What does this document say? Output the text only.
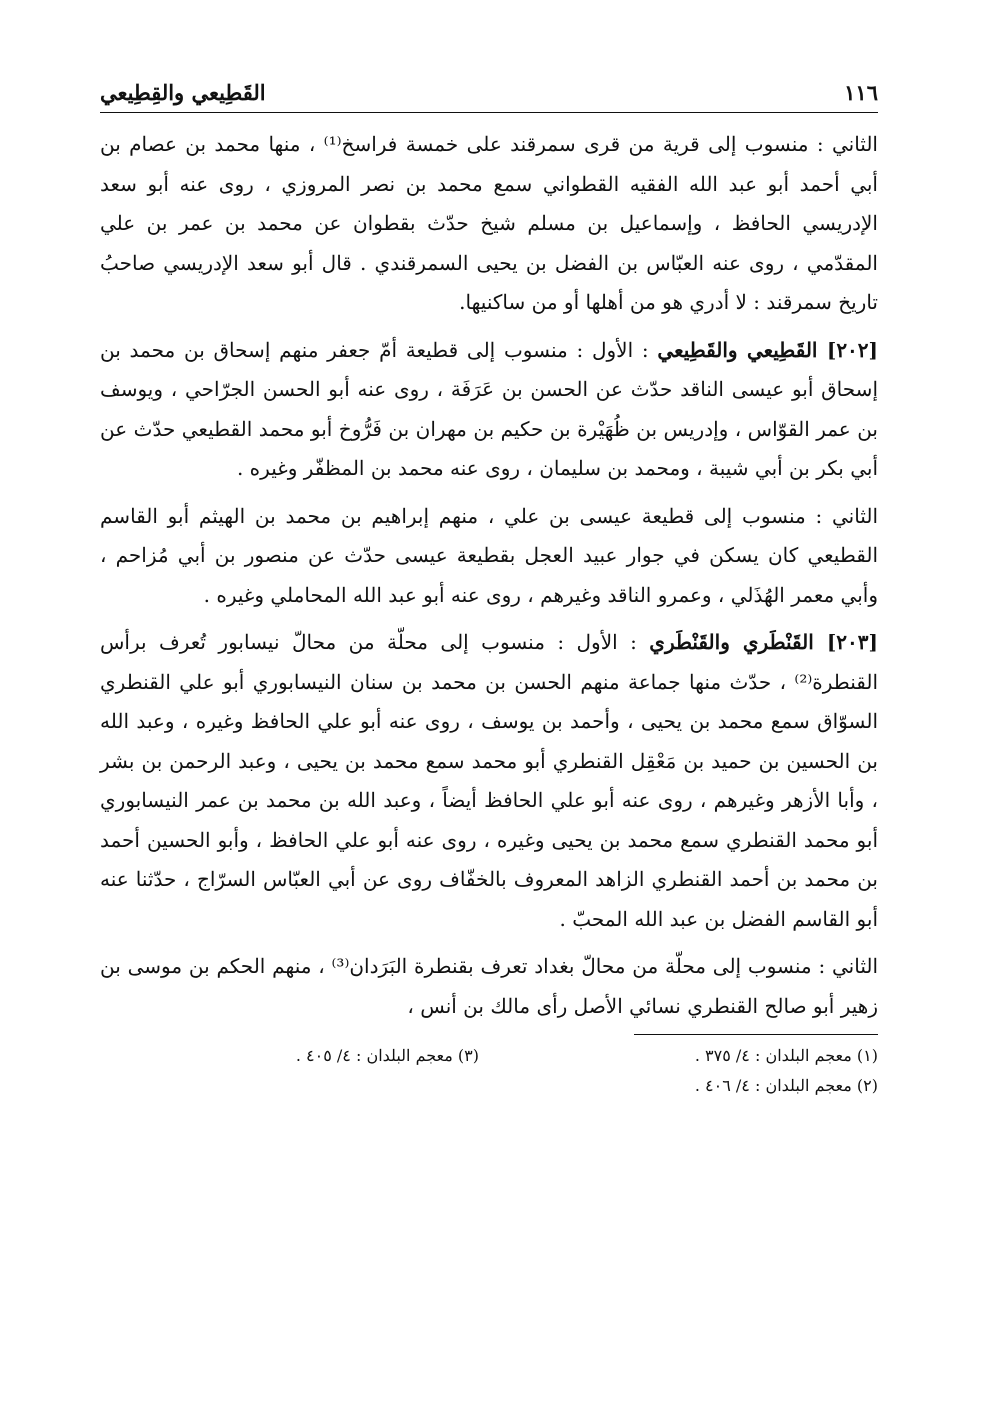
١١٦
القَطِيعي والقِطِيعي

الثاني : منسوب إلى قرية من قرى سمرقند على خمسة فراسخ⁽¹⁾ ، منها محمد بن عصام بن أبي أحمد أبو عبد الله الفقيه القطواني سمع محمد بن نصر المروزي ، روى عنه أبو سعد الإدريسي الحافظ ، وإسماعيل بن مسلم شيخ حدّث بقطوان عن محمد بن عمر بن علي المقدّمي ، روى عنه العبّاس بن الفضل بن يحيى السمرقندي . قال أبو سعد الإدريسي صاحبُ تاريخ سمرقند : لا أدري هو من أهلها أو من ساكنيها.

[٢٠٢] القَطِيعي والقَطِيعي : الأول : منسوب إلى قطيعة أمّ جعفر منهم إسحاق بن محمد بن إسحاق أبو عيسى الناقد حدّث عن الحسن بن عَرَفَة ، روى عنه أبو الحسن الجرّاحي ، ويوسف بن عمر القوّاس ، وإدريس بن ظُهَيْرة بن حكيم بن مهران بن فَرُّوخ أبو محمد القطيعي حدّث عن أبي بكر بن أبي شيبة ، ومحمد بن سليمان ، روى عنه محمد بن المظفّر وغيره .

الثاني : منسوب إلى قطيعة عيسى بن علي ، منهم إبراهيم بن محمد بن الهيثم أبو القاسم القطيعي كان يسكن في جوار عبيد العجل بقطيعة عيسى حدّث عن منصور بن أبي مُزاحم ، وأبي معمر الهُذَلي ، وعمرو الناقد وغيرهم ، روى عنه أبو عبد الله المحاملي وغيره .

[٢٠٣] القَنْطَري والقَنْطَري : الأول : منسوب إلى محلّة من محالّ نيسابور تُعرف برأس القنطرة⁽²⁾ ، حدّث منها جماعة منهم الحسن بن محمد بن سنان النيسابوري أبو علي القنطري السوّاق سمع محمد بن يحيى ، وأحمد بن يوسف ، روى عنه أبو علي الحافظ وغيره ، وعبد الله بن الحسين بن حميد بن مَعْقِل القنطري أبو محمد سمع محمد بن يحيى ، وعبد الرحمن بن بشر ، وأبا الأزهر وغيرهم ، روى عنه أبو علي الحافظ أيضاً ، وعبد الله بن محمد بن عمر النيسابوري أبو محمد القنطري سمع محمد بن يحيى وغيره ، روى عنه أبو علي الحافظ ، وأبو الحسين أحمد بن محمد بن أحمد القنطري الزاهد المعروف بالخفّاف روى عن أبي العبّاس السرّاج ، حدّثنا عنه أبو القاسم الفضل بن عبد الله المحبّ .

الثاني : منسوب إلى محلّة من محالّ بغداد تعرف بقنطرة البَرَدان⁽³⁾ ، منهم الحكم بن موسى بن زهير أبو صالح القنطري نسائي الأصل رأى مالك بن أنس ،

(١) معجم البلدان : ٤/ ٣٧٥ .
(٣) معجم البلدان : ٤/ ٤٠٥ .
(٢) معجم البلدان : ٤/ ٤٠٦ .
